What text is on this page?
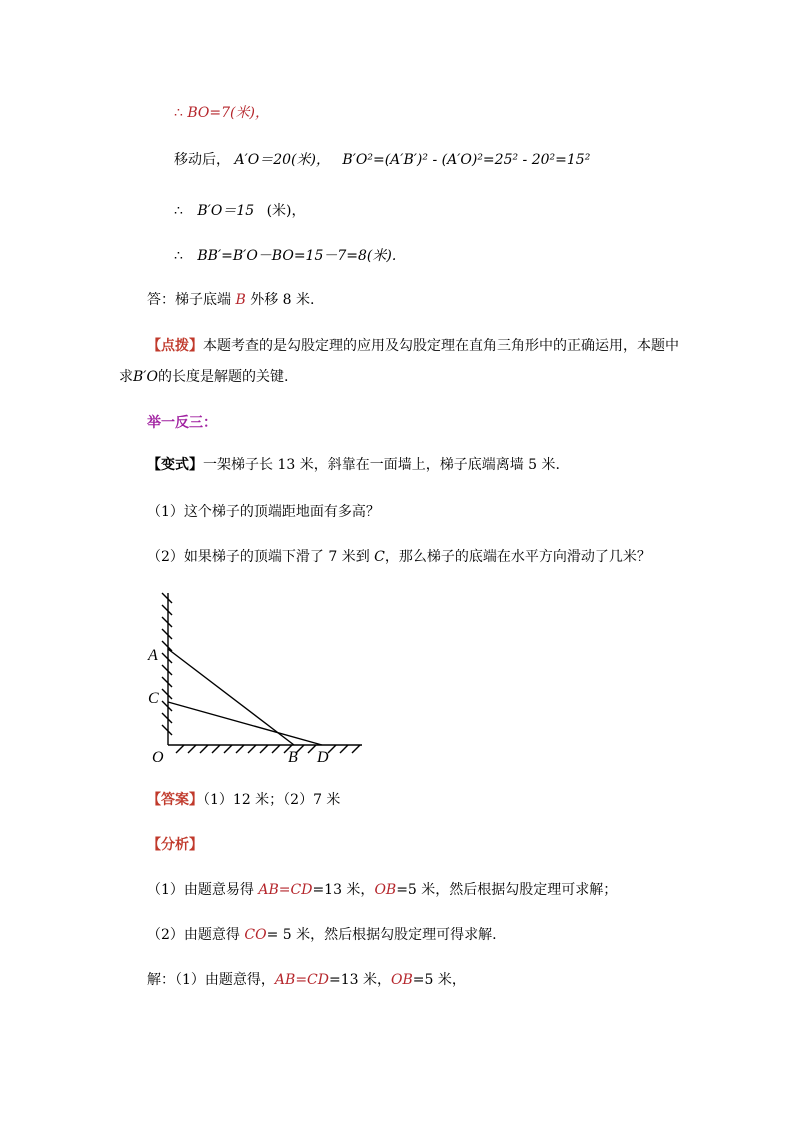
∴ BO=7(米)，
移动后， A′O＝20(米)， B′O²=(A′B′)² - (A′O)²=25² - 20²=15²
∴ B′O＝15 (米)，
∴ BB′=B′O－BO=15－7=8(米).
答：梯子底端 B 外移 8 米.
【点拨】本题考查的是勾股定理的应用及勾股定理在直角三角形中的正确运用，本题中
求B′O的长度是解题的关键.
举一反三：
【变式】一架梯子长 13 米，斜靠在一面墙上，梯子底端离墙 5 米.
（1）这个梯子的顶端距地面有多高？
（2）如果梯子的顶端下滑了 7 米到 C，那么梯子的底端在水平方向滑动了几米？
A
C
O	B D
【答案】（1）12 米；（2）7 米
【分析】
（1）由题意易得 AB=CD=13 米，OB=5 米，然后根据勾股定理可求解；
（2）由题意得 CO= 5 米，然后根据勾股定理可得求解.
解：（1）由题意得，AB=CD=13 米，OB=5 米，
